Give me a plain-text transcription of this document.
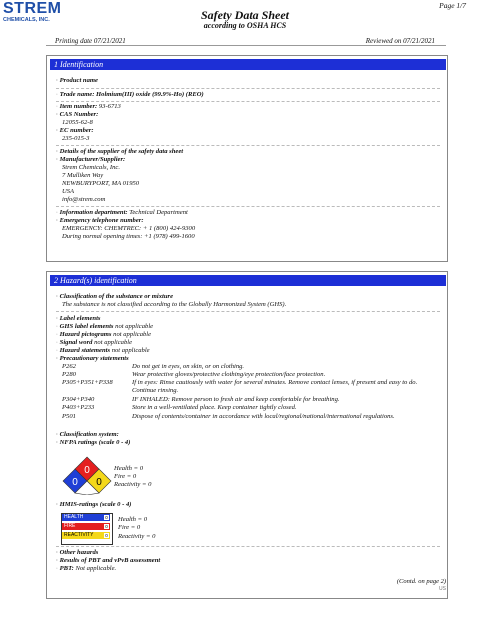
STREM
CHEMICALS, INC.
Page 1/7
Safety Data Sheet
according to OSHA HCS
Printing date 07/21/2021	Reviewed on 07/21/2021
1 Identification
· Product name
· Trade name: Holmium(III) oxide (99.9%-Ho) (REO)
· Item number: 93-6713
· CAS Number:
12055-62-8
· EC number:
235-015-3
· Details of the supplier of the safety data sheet
· Manufacturer/Supplier:
Strem Chemicals, Inc.
7 Mulliken Way
NEWBURYPORT, MA 01950
USA
info@strem.com
· Information department: Technical Department
· Emergency telephone number:
EMERGENCY: CHEMTREC: + 1 (800) 424-9300
During normal opening times: +1 (978) 499-1600
2 Hazard(s) identification
· Classification of the substance or mixture
The substance is not classified according to the Globally Harmonized System (GHS).
· Label elements
· GHS label elements not applicable
· Hazard pictograms not applicable
· Signal word not applicable
· Hazard statements not applicable
· Precautionary statements
P262	Do not get in eyes, on skin, or on clothing.
P280	Wear protective gloves/protective clothing/eye protection/face protection.
P305+P351+P338	If in eyes: Rinse cautiously with water for several minutes. Remove contact lenses, if present and easy to do. Continue rinsing.
P304+P340	IF INHALED: Remove person to fresh air and keep comfortable for breathing.
P403+P233	Store in a well-ventilated place. Keep container tightly closed.
P501	Dispose of contents/container in accordance with local/regional/national/international regulations.
· Classification system:
· NFPA ratings (scale 0 - 4)
0
0 0
Health = 0
Fire = 0
Reactivity = 0
· HMIS-ratings (scale 0 - 4)
HEALTH	0
FIRE	0
REACTIVITY	0
Health = 0
Fire = 0
Reactivity = 0
· Other hazards
· Results of PBT and vPvB assessment
· PBT: Not applicable.
(Contd. on page 2)
US
